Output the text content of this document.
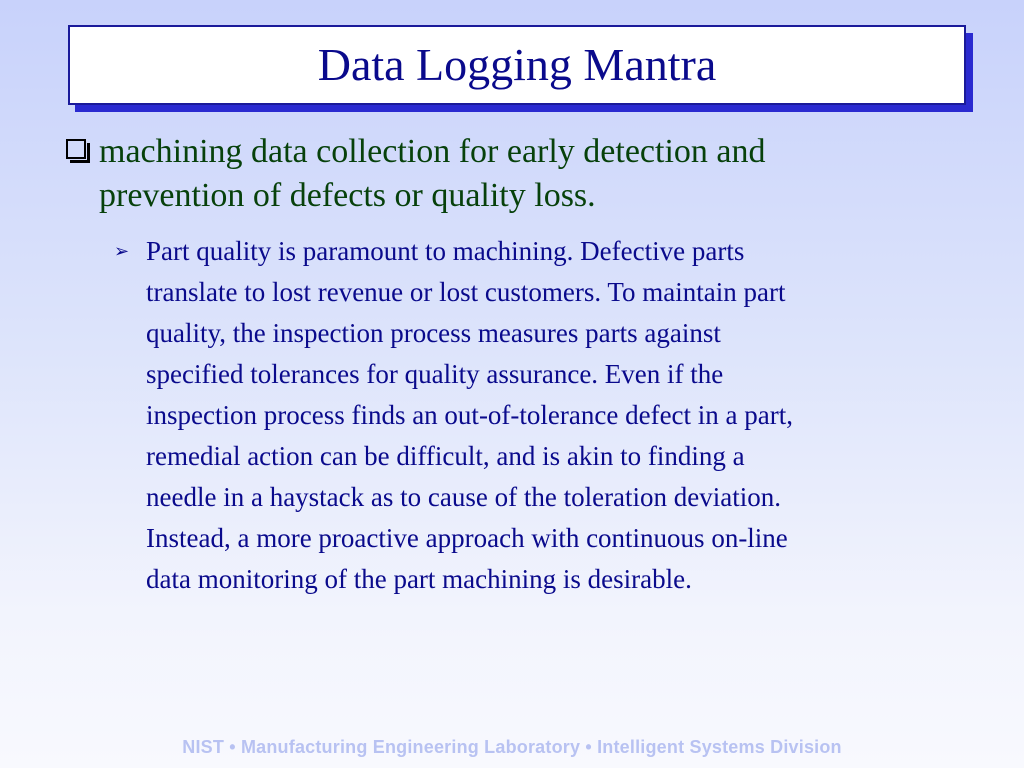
Data Logging Mantra
machining data collection for early detection and
prevention of defects or quality loss.
➢ Part quality is paramount to machining. Defective parts
translate to lost revenue or lost customers. To maintain part
quality, the inspection process measures parts against
specified tolerances for quality assurance. Even if the
inspection process finds an out-of-tolerance defect in a part,
remedial action can be difficult, and is akin to finding a
needle in a haystack as to cause of the toleration deviation.
Instead, a more proactive approach with continuous on-line
data monitoring of the part machining is desirable.
NIST • Manufacturing Engineering Laboratory • Intelligent Systems Division
